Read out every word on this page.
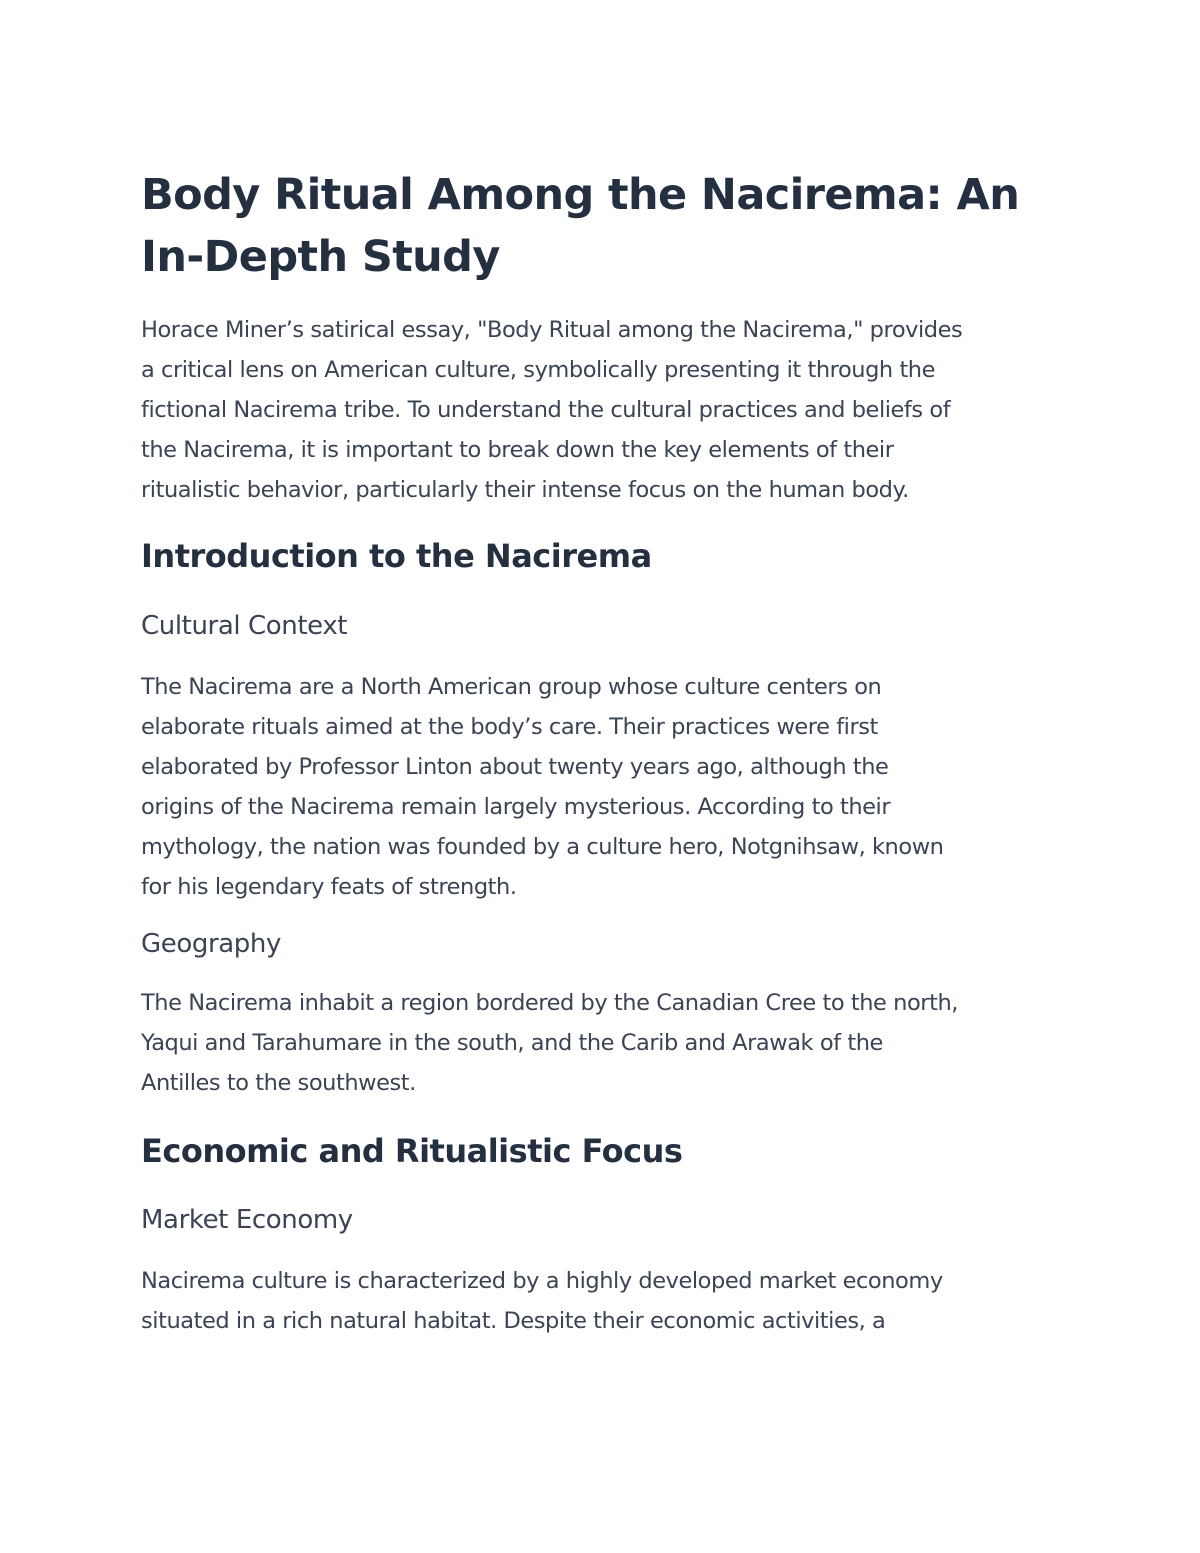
Body Ritual Among the Nacirema: An
In-Depth Study

Horace Miner’s satirical essay, "Body Ritual among the Nacirema," provides
a critical lens on American culture, symbolically presenting it through the
fictional Nacirema tribe. To understand the cultural practices and beliefs of
the Nacirema, it is important to break down the key elements of their
ritualistic behavior, particularly their intense focus on the human body.

Introduction to the Nacirema
Cultural Context

The Nacirema are a North American group whose culture centers on
elaborate rituals aimed at the body’s care. Their practices were first
elaborated by Professor Linton about twenty years ago, although the
origins of the Nacirema remain largely mysterious. According to their
mythology, the nation was founded by a culture hero, Notgnihsaw, known
for his legendary feats of strength.

Geography

The Nacirema inhabit a region bordered by the Canadian Cree to the north,
Yaqui and Tarahumare in the south, and the Carib and Arawak of the
Antilles to the southwest.

Economic and Ritualistic Focus
Market Economy

Nacirema culture is characterized by a highly developed market economy
situated in a rich natural habitat. Despite their economic activities, a
